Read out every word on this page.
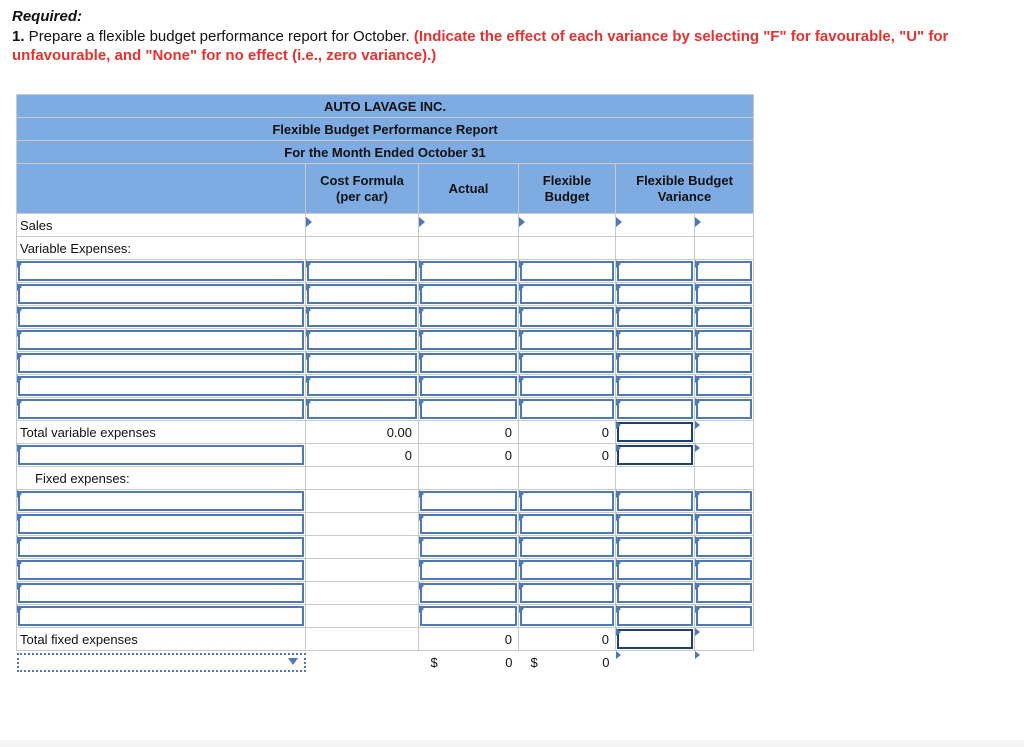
Required:
1. Prepare a flexible budget performance report for October. (Indicate the effect of each variance by selecting "F" for favourable, "U" for unfavourable, and "None" for no effect (i.e., zero variance).)
AUTO LAVAGE INC.					
Flexible Budget Performance Report					
For the Month Ended October 31					
	Cost Formula (per car)	Actual	Flexible Budget	Flexible Budget Variance	
Sales	

Variable Expenses:					

Total variable expenses	0.00	0	0	

	0	0	0	

Fixed expenses:					

Total fixed expenses		0	0	

		$ 0	$ 0	
